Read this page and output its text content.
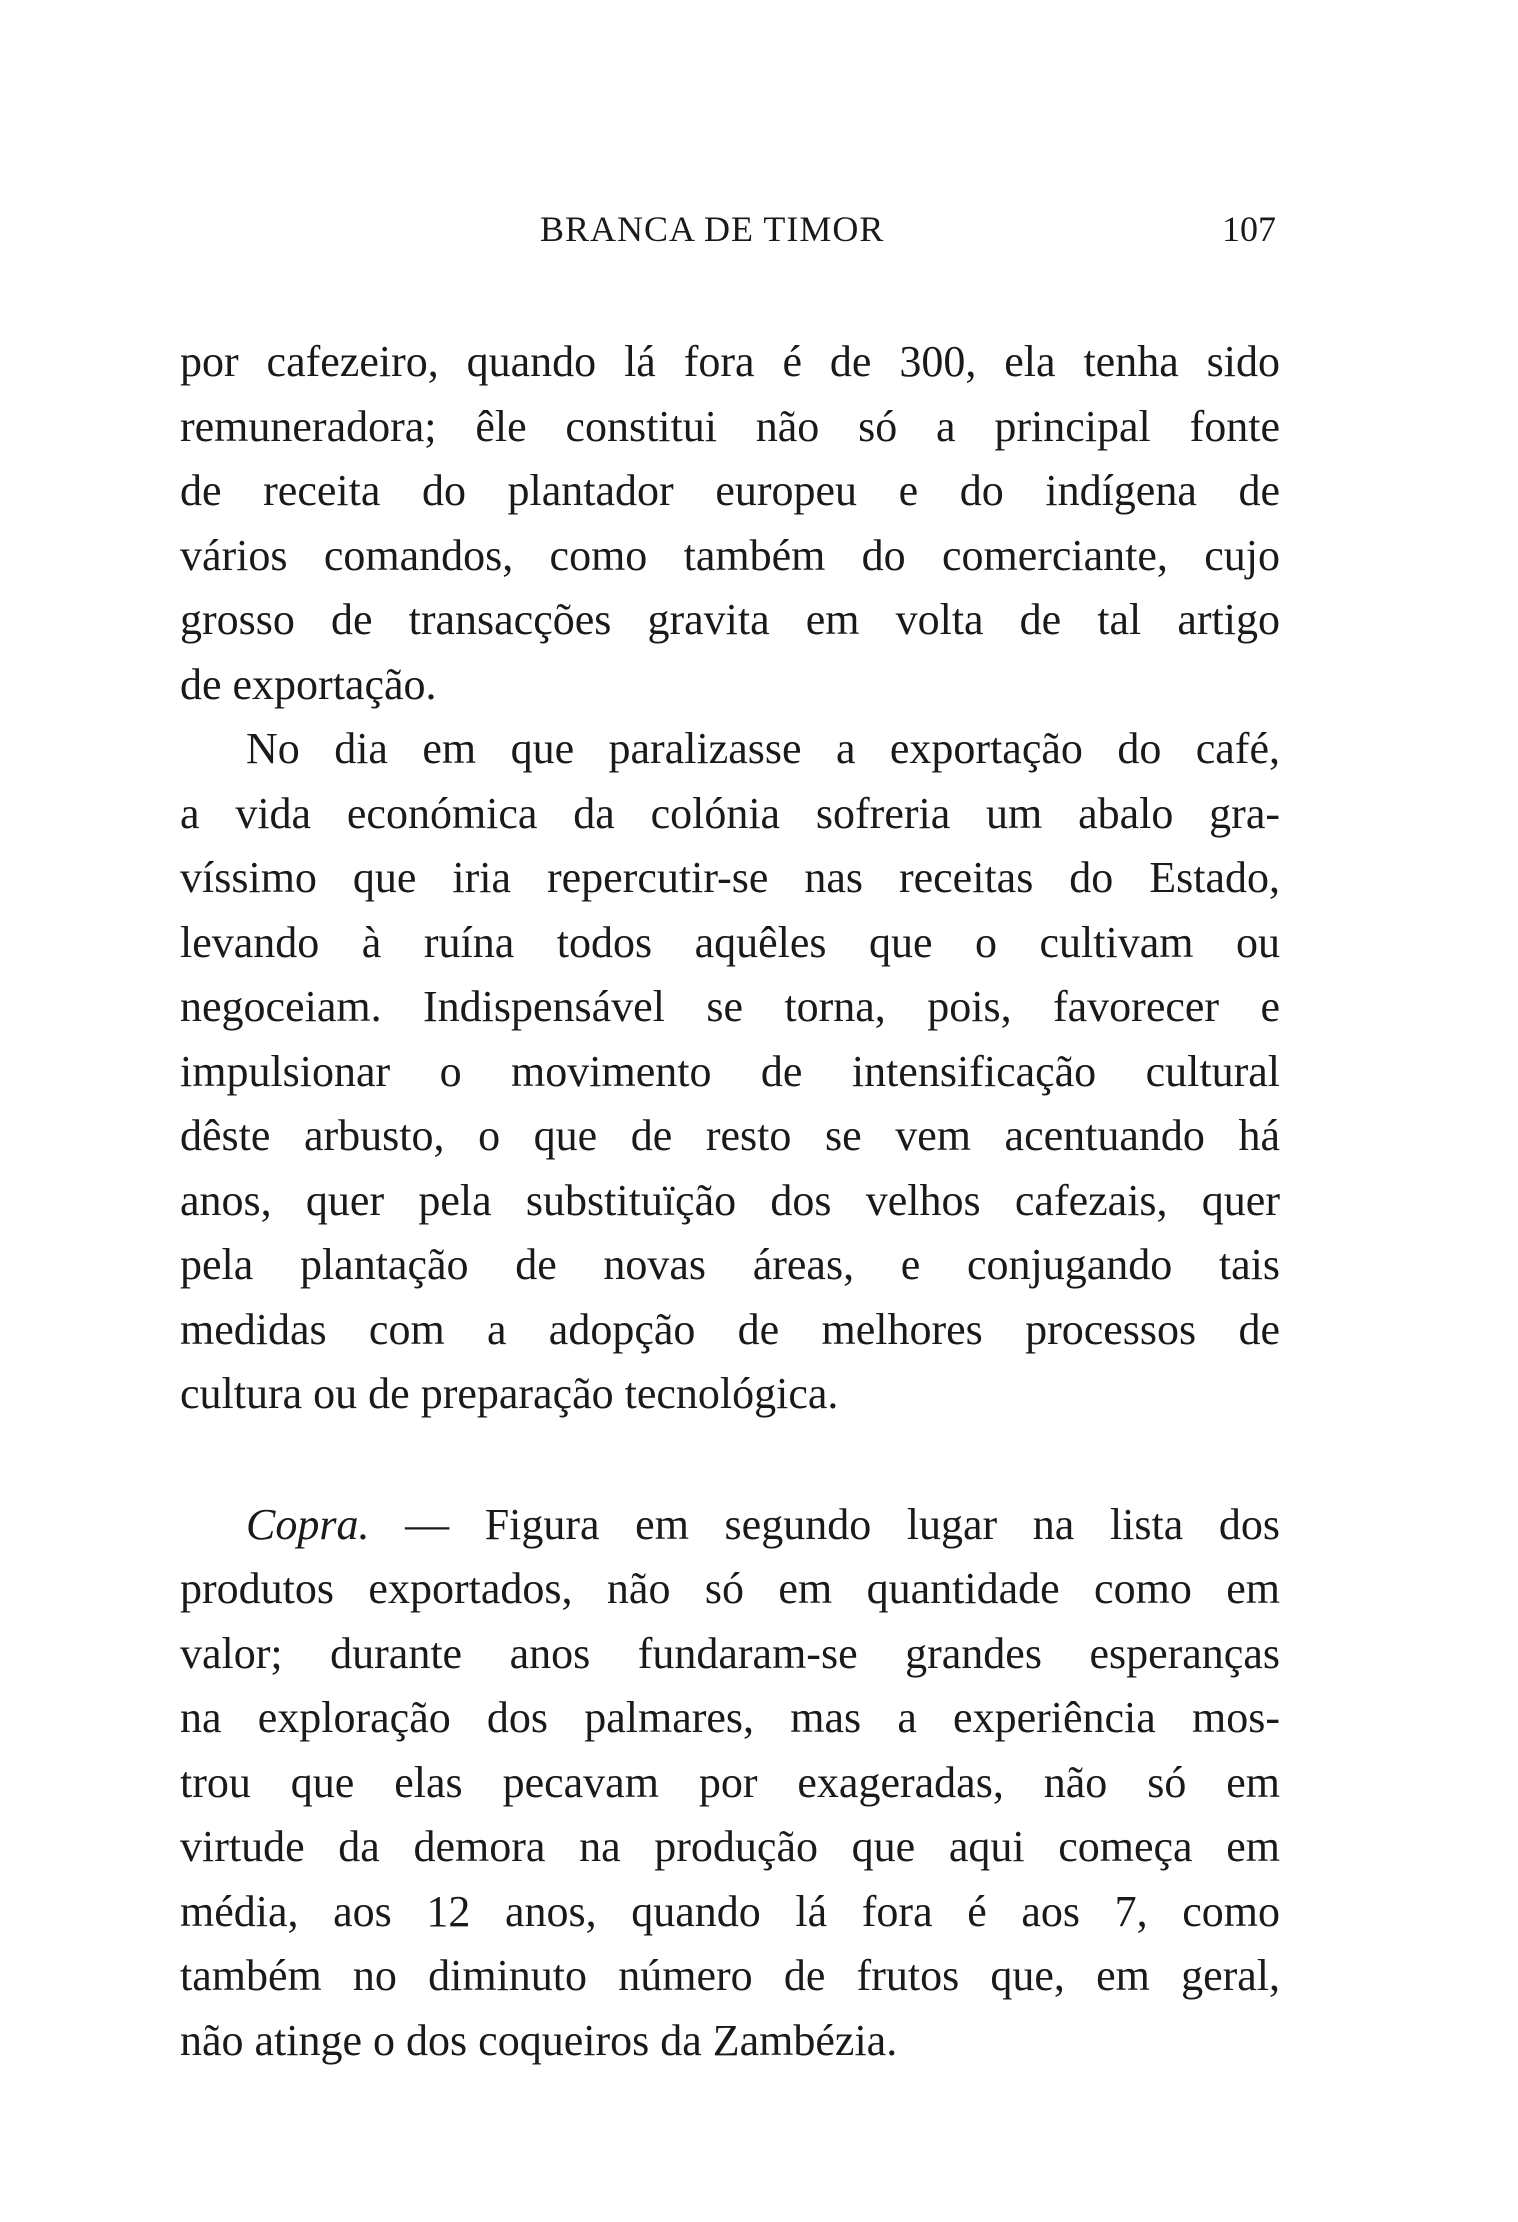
BRANCA DE TIMOR	107
por cafezeiro, quando lá fora é de 300, ela tenha sido
remuneradora; êle constitui não só a principal fonte
de receita do plantador europeu e do indígena de
vários comandos, como também do comerciante, cujo
grosso de transacções gravita em volta de tal artigo
de exportação.
No dia em que paralizasse a exportação do café,
a vida económica da colónia sofreria um abalo gra-
víssimo que iria repercutir-se nas receitas do Estado,
levando à ruína todos aquêles que o cultivam ou
negoceiam. Indispensável se torna, pois, favorecer e
impulsionar o movimento de intensificação cultural
dêste arbusto, o que de resto se vem acentuando há
anos, quer pela substituïção dos velhos cafezais, quer
pela plantação de novas áreas, e conjugando tais
medidas com a adopção de melhores processos de
cultura ou de preparação tecnológica.
Copra. — Figura em segundo lugar na lista dos
produtos exportados, não só em quantidade como em
valor; durante anos fundaram-se grandes esperanças
na exploração dos palmares, mas a experiência mos-
trou que elas pecavam por exageradas, não só em
virtude da demora na produção que aqui começa em
média, aos 12 anos, quando lá fora é aos 7, como
também no diminuto número de frutos que, em geral,
não atinge o dos coqueiros da Zambézia.
